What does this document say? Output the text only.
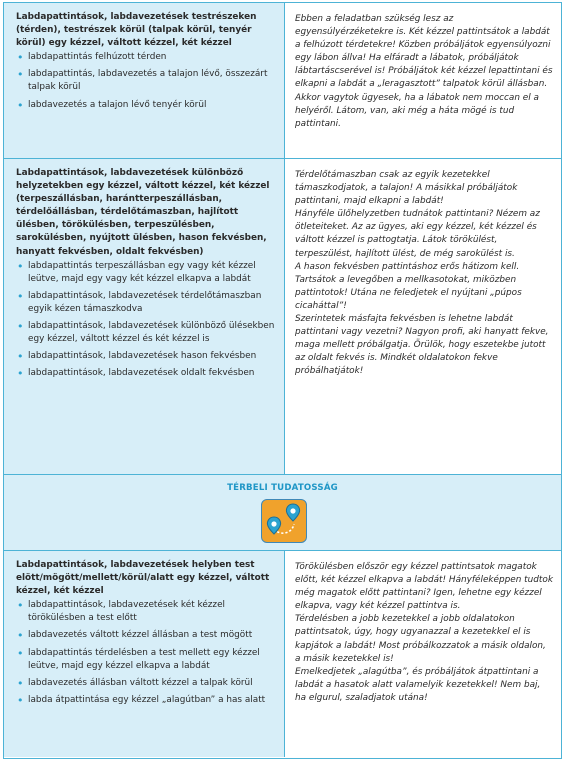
Labdapattintások, labdavezetések testrészeken (térden), testrészek körül (talpak körül, tenyér körül) egy kézzel, váltott kézzel, két kézzel
• labdapattintás felhúzott térden
• labdapattintás, labdavezetés a talajon lévő, összezárt talpak körül
• labdavezetés a talajon lévő tenyér körül

Ebben a feladatban szükség lesz az egyensúlyérzéketekre is. Két kézzel pattintsátok a labdát a felhúzott térdetekre! Közben próbáljátok egyensúlyozni egy lábon állva! Ha elfáradt a lábatok, próbáljátok lábtartáscserével is! Próbáljátok két kézzel lepattintani és elkapni a labdát a „leragasztott” talpatok körül állásban. Akkor vagytok ügyesek, ha a lábatok nem moccan el a helyéről. Látom, van, aki még a háta mögé is tud pattintani.

Labdapattintások, labdavezetések különböző helyzetekben egy kézzel, váltott kézzel, két kézzel (terpeszállásban, harántterpeszállásban, térdelőállásban, térdelőtámaszban, hajlított ülésben, törökülésben, terpeszülésben, sarokülésben, nyújtott ülésben, hason fekvésben, hanyatt fekvésben, oldalt fekvésben)
• labdapattintás terpeszállásban egy vagy két kézzel leütve, majd egy vagy két kézzel elkapva a labdát
• labdapattintások, labdavezetések térdelőtámaszban egyik kézen támaszkodva
• labdapattintások, labdavezetések különböző ülésekben egy kézzel, váltott kézzel és két kézzel is
• labdapattintások, labdavezetések hason fekvésben
• labdapattintások, labdavezetések oldalt fekvésben

Térdelőtámaszban csak az egyik kezetekkel támaszkodjatok, a talajon! A másikkal próbáljátok pattintani, majd elkapni a labdát!

Hányféle ülőhelyzetben tudnátok pattintani? Nézem az ötleteiteket. Az az ügyes, aki egy kézzel, két kézzel és váltott kézzel is pattogtatja. Látok törökülést, terpeszülést, hajlított ülést, de még sarokülést is.

A hason fekvésben pattintáshoz erős hátizom kell. Tartsátok a levegőben a mellkasotokat, miközben pattintotok! Utána ne feledjetek el nyújtani „púpos cicaháttal”!

Szerintetek másfajta fekvésben is lehetne labdát pattintani vagy vezetni? Nagyon profi, aki hanyatt fekve, maga mellett próbálgatja. Örülök, hogy eszetekbe jutott az oldalt fekvés is. Mindkét oldalatokon fekve próbálhatjátok!

TÉRBELI TUDATOSSÁG
Labdapattintások, labdavezetések helyben test elött/mögött/mellett/körül/alatt egy kézzel, váltott kézzel, két kézzel
• labdapattintások, labdavezetések két kézzel törökülésben a test előtt
• labdavezetés váltott kézzel állásban a test mögött
• labdapattintás térdelésben a test mellett egy kézzel leütve, majd egy kézzel elkapva a labdát
• labdavezetés állásban váltott kézzel a talpak körül
• labda átpattintása egy kézzel „alagútban” a has alatt

Törökülésben először egy kézzel pattintsatok magatok előtt, két kézzel elkapva a labdát! Hányféleképpen tudtok még magatok előtt pattintani? Igen, lehetne egy kézzel elkapva, vagy két kézzel pattintva is.

Térdelésben a jobb kezetekkel a jobb oldalatokon pattintsatok, úgy, hogy ugyanazzal a kezetekkel el is kapjátok a labdát! Most próbálkozzatok a másik oldalon, a másik kezetekkel is!

Emelkedjetek „alagútba”, és próbáljátok átpattintani a labdát a hasatok alatt valamelyik kezetekkel! Nem baj, ha elgurul, szaladjatok utána!
